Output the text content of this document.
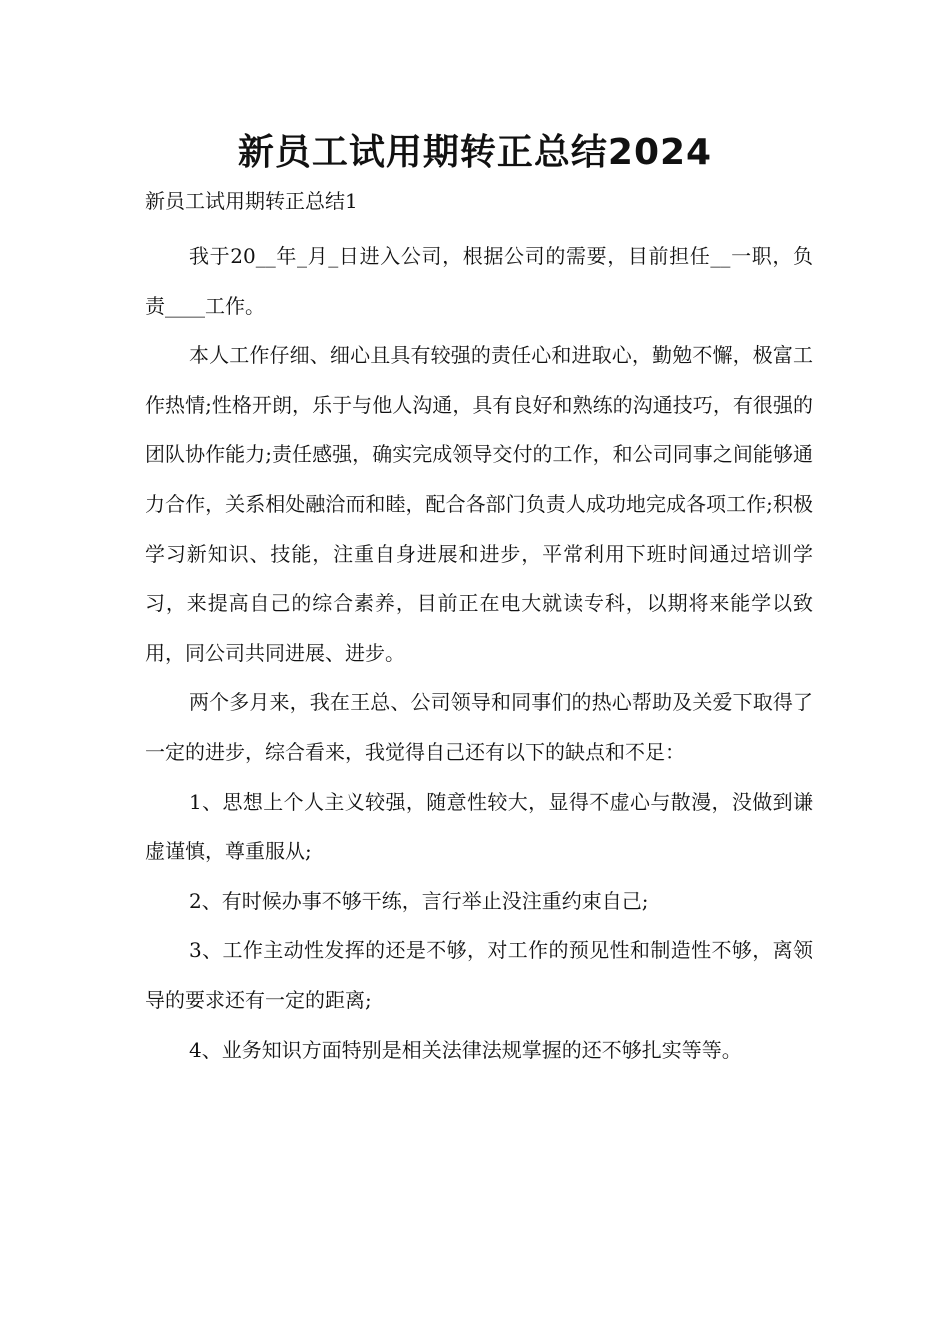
新员工试用期转正总结2024

新员工试用期转正总结1

我于20__年_月_日进入公司，根据公司的需要，目前担任__一职，负责____工作。

本人工作仔细、细心且具有较强的责任心和进取心，勤勉不懈，极富工作热情;性格开朗，乐于与他人沟通，具有良好和熟练的沟通技巧，有很强的团队协作能力;责任感强，确实完成领导交付的工作，和公司同事之间能够通力合作，关系相处融洽而和睦，配合各部门负责人成功地完成各项工作;积极学习新知识、技能，注重自身进展和进步，平常利用下班时间通过培训学习，来提高自己的综合素养，目前正在电大就读专科，以期将来能学以致用，同公司共同进展、进步。

两个多月来，我在王总、公司领导和同事们的热心帮助及关爱下取得了一定的进步，综合看来，我觉得自己还有以下的缺点和不足：

1、思想上个人主义较强，随意性较大，显得不虚心与散漫，没做到谦虚谨慎，尊重服从;

2、有时候办事不够干练，言行举止没注重约束自己;

3、工作主动性发挥的还是不够，对工作的预见性和制造性不够，离领导的要求还有一定的距离;

4、业务知识方面特别是相关法律法规掌握的还不够扎实等等。
